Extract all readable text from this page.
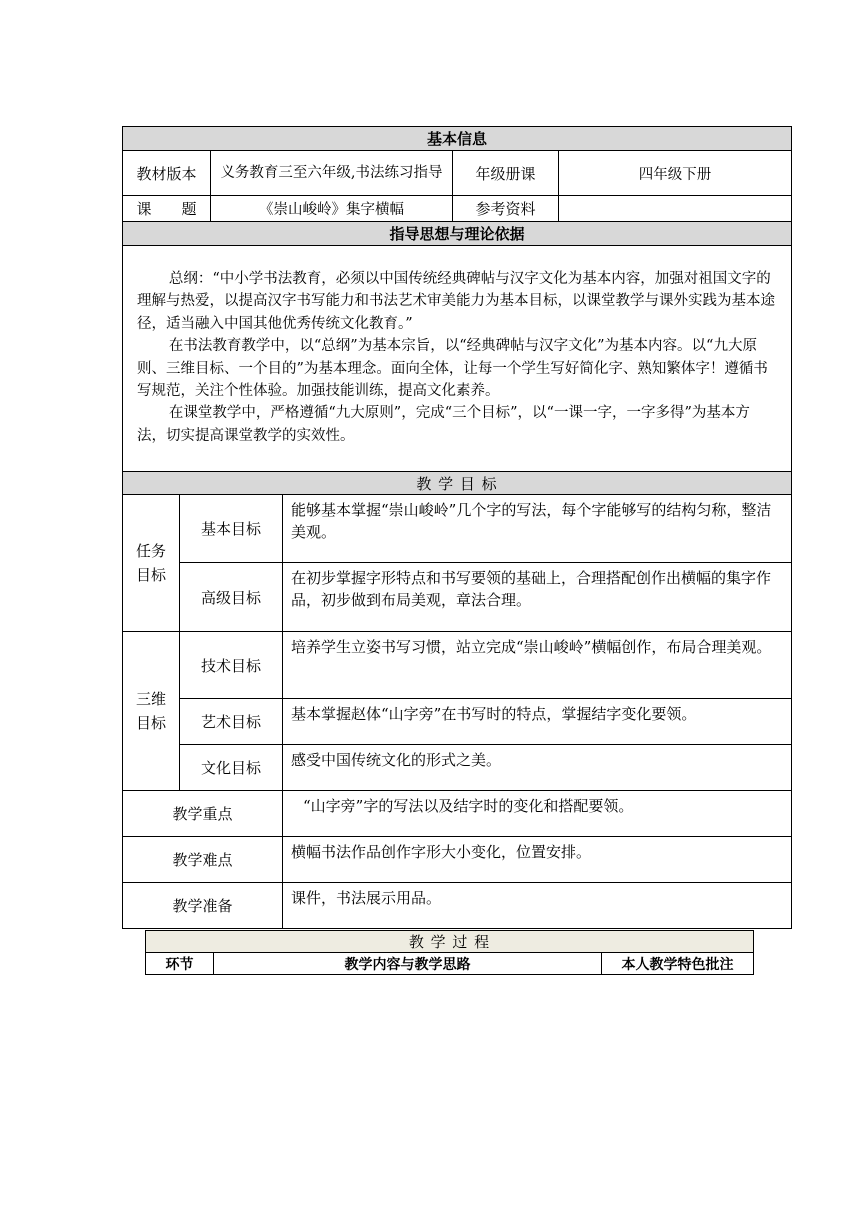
基本信息					
教材版本		义务教育三至六年级,书法练习指导		年级册课	四年级下册
课　　题		《崇山峻岭》集字横幅		参考资料	
指导思想与理论依据					

总纲：“中小学书法教育，必须以中国传统经典碑帖与汉字文化为基本内容，加强对祖国文字的理解与热爱，以提高汉字书写能力和书法艺术审美能力为基本目标，以课堂教学与课外实践为基本途径，适当融入中国其他优秀传统文化教育。”

在书法教育教学中，以“总纲”为基本宗旨，以“经典碑帖与汉字文化”为基本内容。以“九大原则、三维目标、一个目的”为基本理念。面向全体，让每一个学生写好简化字、熟知繁体字！遵循书写规范，关注个性体验。加强技能训练，提高文化素养。

在课堂教学中，严格遵循“九大原则”，完成“三个目标”，以“一课一字，一字多得”为基本方法，切实提高课堂教学的实效性。					

教 学 目 标					

任务
目标	基本目标		能够基本掌握“崇山峻岭”几个字的写法，每个字能够写的结构匀称，整洁美观。		
	高级目标		在初步掌握字形特点和书写要领的基础上，合理搭配创作出横幅的集字作品，初步做到布局美观，章法合理。		

三维
目标	技术目标		培养学生立姿书写习惯，站立完成“崇山峻岭”横幅创作，布局合理美观。		
	艺术目标		基本掌握赵体“山字旁”在书写时的特点，掌握结字变化要领。		
	文化目标		感受中国传统文化的形式之美。		
教学重点			“山字旁”字的写法以及结字时的变化和搭配要领。		
教学难点			横幅书法作品创作字形大小变化，位置安排。		
教学准备			课件，书法展示用品。		
教 学 过 程
环节	教学内容与教学思路	本人教学特色批注
